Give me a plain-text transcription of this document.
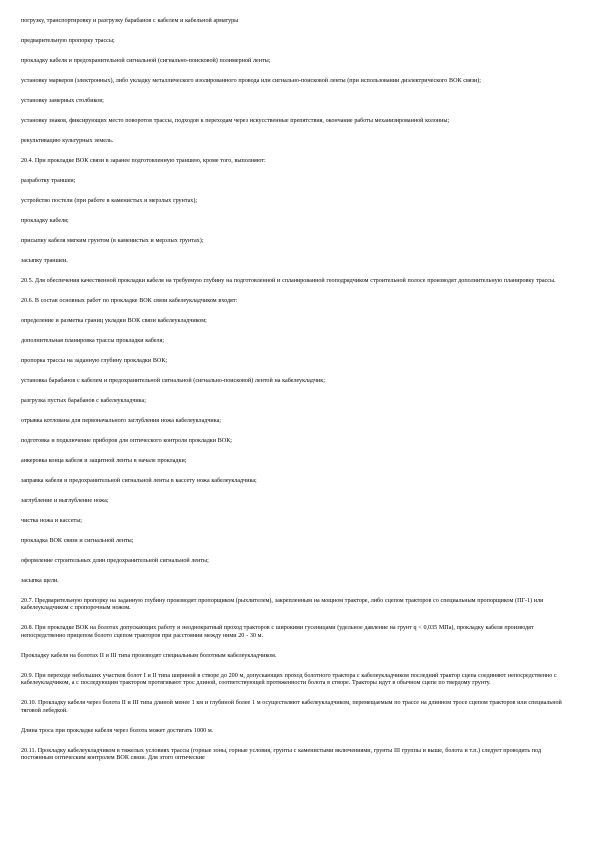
погрузку, транспортировку и разгрузку барабанов с кабелем и кабельной арматуры

предварительную пропорку трассы;

прокладку кабеля и предохранительной сигнальной (сигнально-поисковой) полимерной ленты;

установку маркеров (электронных), либо укладку металлического изолированного провода или сигнально-поисковой ленты (при использовании диэлектрического ВОК связи);

установку замерных столбиков;

установку знаков, фиксирующих место поворотов трассы, подходов к переходам через искусственные препятствия, окончание работы механизированной колонны;

рекультивацию культурных земель.

20.4. При прокладке ВОК связи в заранее подготовленную траншею, кроме того, выполняют:

разработку траншеи;

устройство постели (при работе в каменистых и мерзлых грунтах);

прокладку кабеля;

присыпку кабеля мягким грунтом (в каменистых и мерзлых грунтах);

засыпку траншеи.

20.5. Для обеспечения качественной прокладки кабеля на требуемую глубину на подготовленной и спланированной геоподрядчиком строительной полосе производят дополнительную планировку трассы.

20.6. В состав основных работ по прокладке ВОК связи кабелеукладчиком входят:

определение и разметка границ укладки ВОК связи кабелеукладчиком;

дополнительная планировка трассы прокладки кабеля;

пропорка трассы на заданную глубину прокладки ВОК;

установка барабанов с кабелем и предохранительной сигнальной (сигнально-поисковой) лентой на кабелеукладчик;

разгрузка пустых барабанов с кабелеукладчика;

отрывка котлована для первоначального заглубления ножа кабелеукладчика;

подготовка и подключение приборов для оптического контроля прокладки ВОК;

анкеровка конца кабеля и защитной ленты в начале прокладки;

заправка кабеля и предохранительной сигнальной ленты в кассету ножа кабелеукладчика;

заглубление и выглубление ножа;

чистка ножа и кассеты;

прокладка ВОК связи и сигнальной ленты;

оформление строительных длин предохранительной сигнальной ленты;

засыпка щели.

20.7. Предварительную пропорку на заданную глубину производят пропорщиком (рыхлителем), закрепленным на мощном тракторе, либо сцепом тракторов со специальным пропорщиком (ПГ-1) или кабелеукладчиком с пропорочным ножом.

20.8. При прокладке ВОК на болотах допускающих работу и неоднократный проход тракторов с широкими гусеницами (удельное давление на грунт q < 0,035 МПа), прокладку кабеля производят непосредственно прицепом болото сцепом тракторов при расстоянии между ними 20 - 30 м.

Прокладку кабеля на болотах II и III типа производят специальным болотным кабелеукладчиком.

20.9. При переходе небольших участков болот I и II типа шириной в створе до 200 м, допускающих проход болотного трактора с кабелеукладчиком последний трактор сцепа соединяют непосредственно с кабелеукладчиком, а с последующим трактором протягивают трос длиной, соответствующей протяженности болота в створе. Тракторы идут в обычном сцепе по твердому грунту.

20.10. Прокладку кабеля через болота II и III типа длиной менее 1 км и глубиной более 1 м осуществляют кабелеукладчиком, перемещаемым по трассе на длинном тросе сцепом тракторов или специальной тяговой лебедкой.

Длина троса при прокладке кабеля через болота может достигать 1000 м.

20.11. Прокладку кабелеукладчиком в тяжелых условиях трассы (горные зоны, горные условия, грунты с каменистыми включениями, грунты III группы и выше, болота и т.п.) следует проводить под постоянным оптическим контролем ВОК связи. Для этого оптические
